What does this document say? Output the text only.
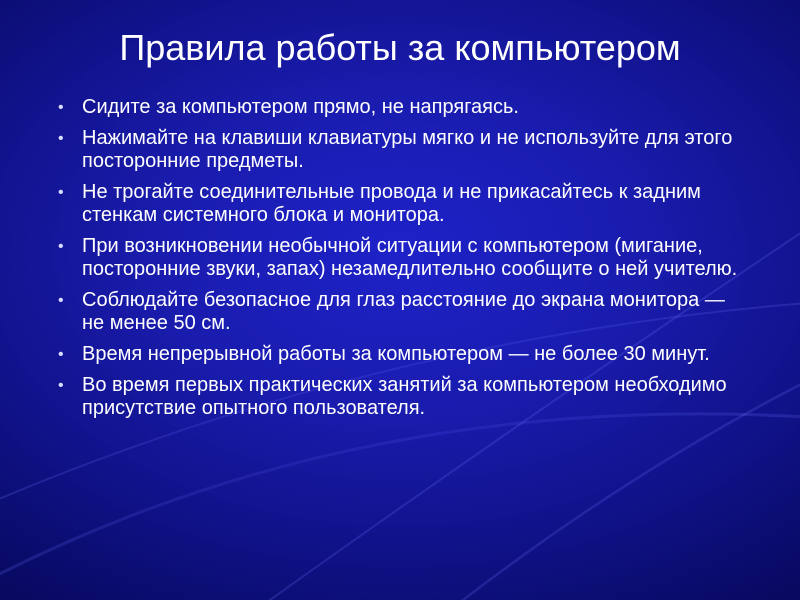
Правила работы за компьютером
• Сидите за компьютером прямо, не напрягаясь.
• Нажимайте на клавиши клавиатуры мягко и не используйте для этого посторонние предметы.
• Не трогайте соединительные провода и не прикасайтесь к задним стенкам системного блока и монитора.
• При возникновении необычной ситуации с компьютером (мигание, посторонние звуки, запах) незамедлительно сообщите о ней учителю.
• Соблюдайте безопасное для глаз расстояние до экрана монитора — не менее 50 см.
• Время непрерывной работы за компьютером — не более 30 минут.
• Во время первых практических занятий за компьютером необходимо присутствие опытного пользователя.
